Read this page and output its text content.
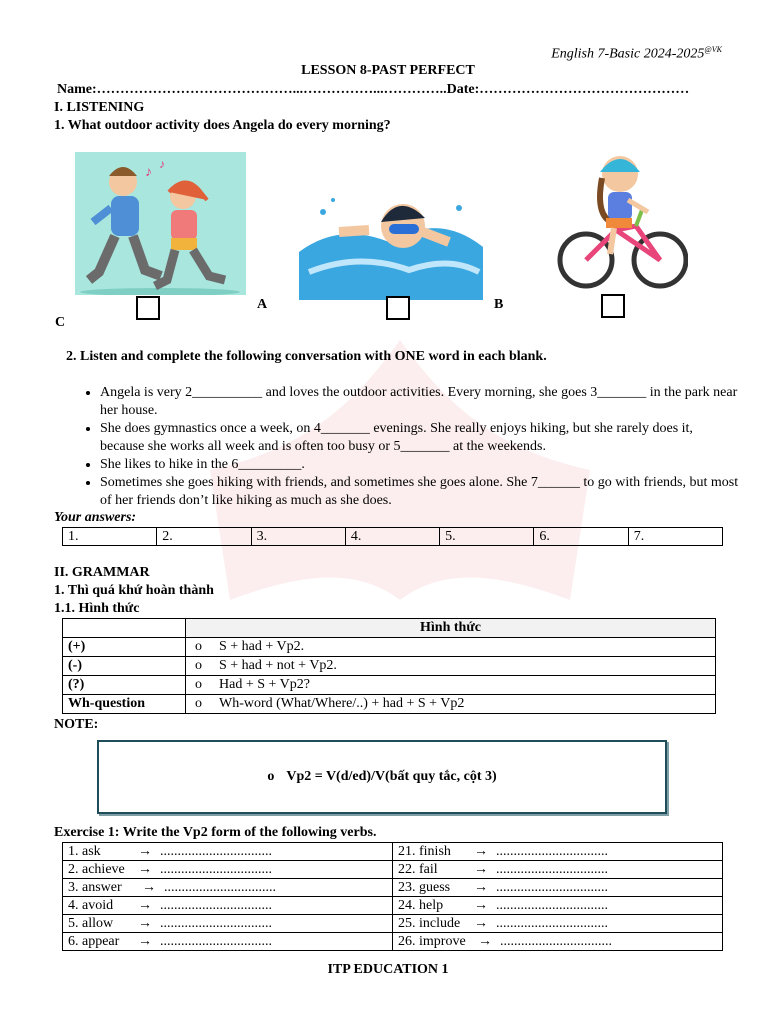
English 7-Basic $2024-2025^{@VK}$
LESSON 8-PAST PERFECT
Name:……………………………………...……………...…………..Date:………………………………………
I. LISTENING
1. What outdoor activity does Angela do every morning?
♪
♪
A	B
C
2. Listen and complete the following conversation with ONE word in each blank.
• Angela is very 2__________ and loves the outdoor activities. Every morning, she goes 3_______ in the park near her house.
• She does gymnastics once a week, on 4_______ evenings. She really enjoys hiking, but she rarely does it, because she works all week and is often too busy or 5_______ at the weekends.
• She likes to hike in the 6_________.
• Sometimes she goes hiking with friends, and sometimes she goes alone. She 7______ to go with friends, but most of her friends don’t like hiking as much as she does.
Your answers:
1.	2.	3.	4.	5.	6.	7.
II. GRAMMAR
1. Thì quá khứ hoàn thành
1.1. Hình thức
	Hình thức
(+)	o S + had + Vp2.
(-)	o S + had + not + Vp2.
(?)	o Had + S + Vp2?
Wh-question	o Wh-word (What/Where/..) + had + S + Vp2
NOTE:
o Vp2 = V(d/ed)/V(bất quy tắc, cột 3)
Exercise 1: Write the Vp2 form of the following verbs.
1. ask → ................................	21. finish → ................................
2. achieve → ................................	22. fail → ................................
3. answer → ................................	23. guess → ................................
4. avoid → ................................	24. help → ................................
5. allow → ................................	25. include → ................................
6. appear → ................................	26. improve → ................................
ITP EDUCATION 1
